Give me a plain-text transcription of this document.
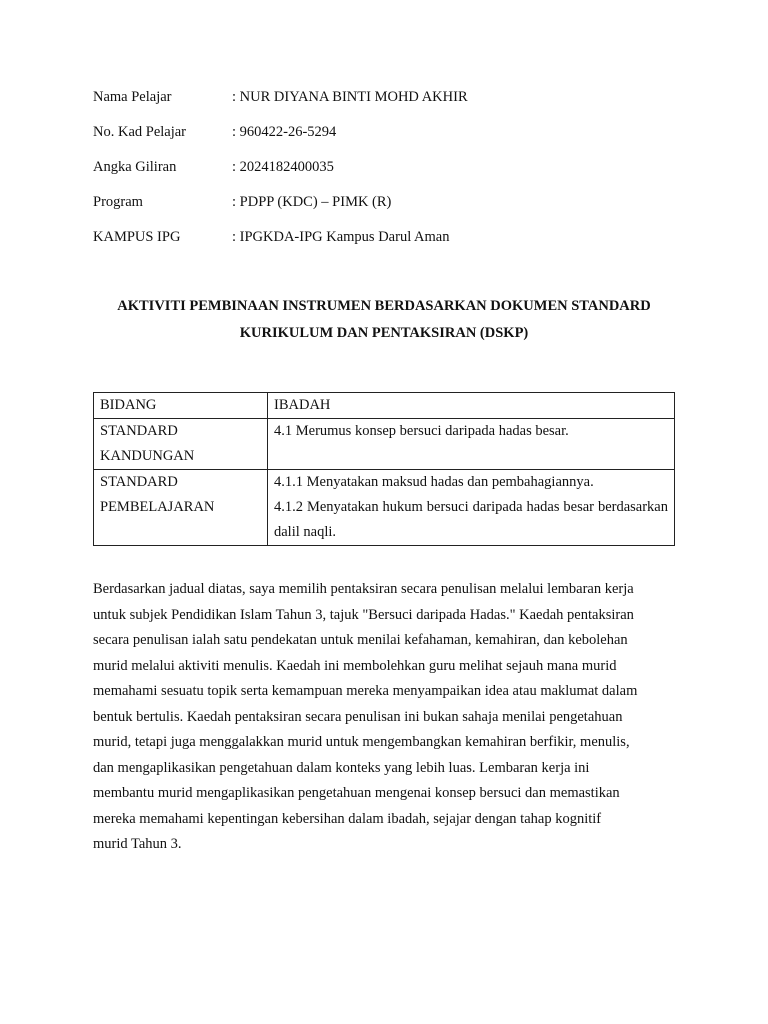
Nama Pelajar	: NUR DIYANA BINTI MOHD AKHIR
No. Kad Pelajar	: 960422-26-5294
Angka Giliran	: 2024182400035
Program	: PDPP (KDC) – PIMK (R)
KAMPUS IPG	: IPGKDA-IPG Kampus Darul Aman
AKTIVITI PEMBINAAN INSTRUMEN BERDASARKAN DOKUMEN STANDARD
KURIKULUM DAN PENTAKSIRAN (DSKP)
BIDANG	IBADAH

STANDARD
KANDUNGAN	4.1 Merumus konsep bersuci daripada hadas besar.

STANDARD
PEMBELAJARAN	4.1.1 Menyatakan maksud hadas dan pembahagiannya.
4.1.2 Menyatakan hukum bersuci daripada hadas besar berdasarkan dalil naqli.

Berdasarkan jadual diatas, saya memilih pentaksiran secara penulisan melalui lembaran kerja
untuk subjek Pendidikan Islam Tahun 3, tajuk "Bersuci daripada Hadas." Kaedah pentaksiran
secara penulisan ialah satu pendekatan untuk menilai kefahaman, kemahiran, dan kebolehan
murid melalui aktiviti menulis. Kaedah ini membolehkan guru melihat sejauh mana murid
memahami sesuatu topik serta kemampuan mereka menyampaikan idea atau maklumat dalam
bentuk bertulis. Kaedah pentaksiran secara penulisan ini bukan sahaja menilai pengetahuan
murid, tetapi juga menggalakkan murid untuk mengembangkan kemahiran berfikir, menulis,
dan mengaplikasikan pengetahuan dalam konteks yang lebih luas. Lembaran kerja ini
membantu murid mengaplikasikan pengetahuan mengenai konsep bersuci dan memastikan
mereka memahami kepentingan kebersihan dalam ibadah, sejajar dengan tahap kognitif
murid Tahun 3.
